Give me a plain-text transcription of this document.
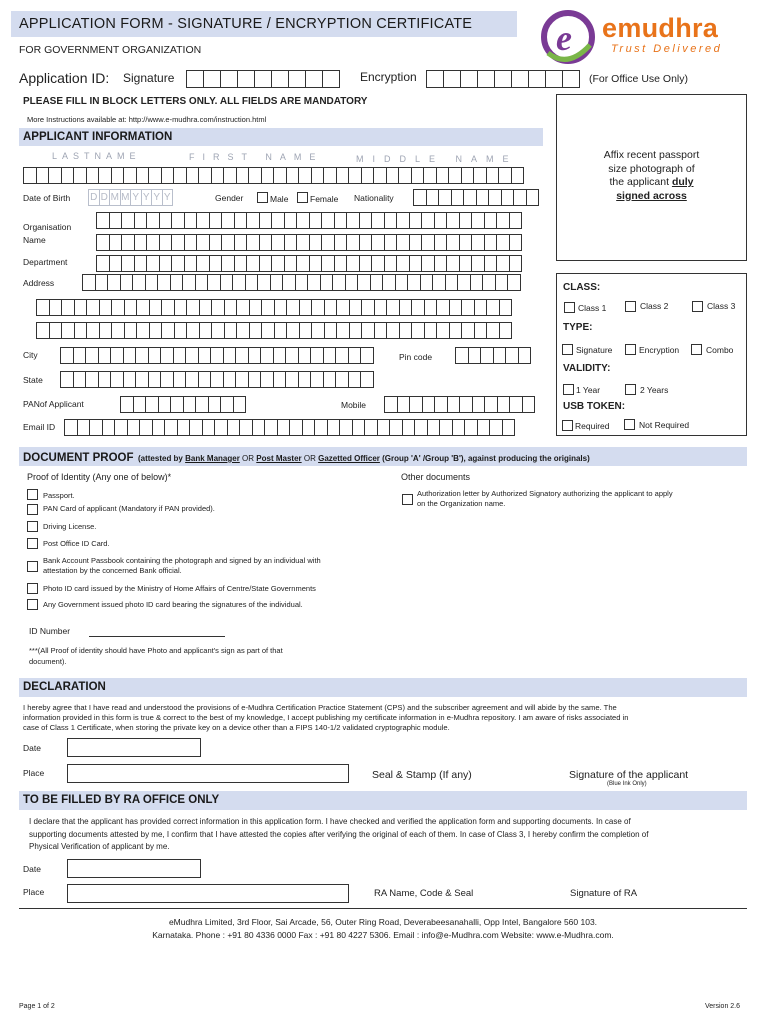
APPLICATION FORM - SIGNATURE / ENCRYPTION CERTIFICATE
FOR GOVERNMENT ORGANIZATION	e emudhra
Trust Delivered
Application ID: Signature	Encryption	(For Office Use Only)
PLEASE FILL IN BLOCK LETTERS ONLY. ALL FIELDS ARE MANDATORY
More Instructions available at: http://www.e-mudhra.com/instruction.html
APPLICANT INFORMATION
LASTNAME	FIRST NAME	MIDDLE NAME
Date of Birth D D M M Y Y Y Y	Gender	Male	Female Nationality
Organisation
Name
Department
Address
City	Pin code
State
PANof Applicant	Mobile
Email ID
Affix recent passport
size photograph of
the applicant duly
signed across
CLASS:
Class 1	Class 2	Class 3
TYPE:
Signature	Encryption	Combo
VALIDITY:
1 Year	2 Years
USB TOKEN:
Required	Not Required
DOCUMENT PROOF (attested by Bank Manager OR Post Master OR Gazetted Officer (Group 'A' /Group 'B'), against producing the originals)
Proof of Identity (Any one of below)*
Passport.
PAN Card of applicant (Mandatory if PAN provided).
Driving License.
Post Office ID Card.
Bank Account Passbook containing the photograph and signed by an individual with
attestation by the concerned Bank official.
Photo ID card issued by the Ministry of Home Affairs of Centre/State Governments
Any Government issued photo ID card bearing the signatures of the individual.
Other documents
Authorization letter by Authorized Signatory authorizing the applicant to apply
on the Organization name.
ID Number
***(All Proof of identity should have Photo and applicant's sign as part of that
document).
DECLARATION
I hereby agree that I have read and understood the provisions of e-Mudhra Certification Practice Statement (CPS) and the subscriber agreement and will abide by the same. The
information provided in this form is true & correct to the best of my knowledge, I accept publishing my certificate information in e-Mudhra repository. I am aware of risks associated in
case of Class 1 Certificate, when storing the private key on a device other than a FIPS 140-1/2 validated cryptographic module.
Date
Place	Seal & Stamp (If any)	Signature of the applicant
(Blue Ink Only)
TO BE FILLED BY RA OFFICE ONLY
I declare that the applicant has provided correct information in this application form. I have checked and verified the application form and supporting documents. In case of
supporting documents attested by me, I confirm that I have attested the copies after verifying the original of each of them. In case of Class 3, I hereby confirm the completion of
Physical Verification of applicant by me.
Date
Place	RA Name, Code & Seal	Signature of RA
eMudhra Limited, 3rd Floor, Sai Arcade, 56, Outer Ring Road, Deverabeesanahalli, Opp Intel, Bangalore 560 103.
Karnataka. Phone : +91 80 4336 0000 Fax : +91 80 4227 5306. Email : info@e-Mudhra.com Website: www.e-Mudhra.com.
Page 1 of 2	Version 2.6
